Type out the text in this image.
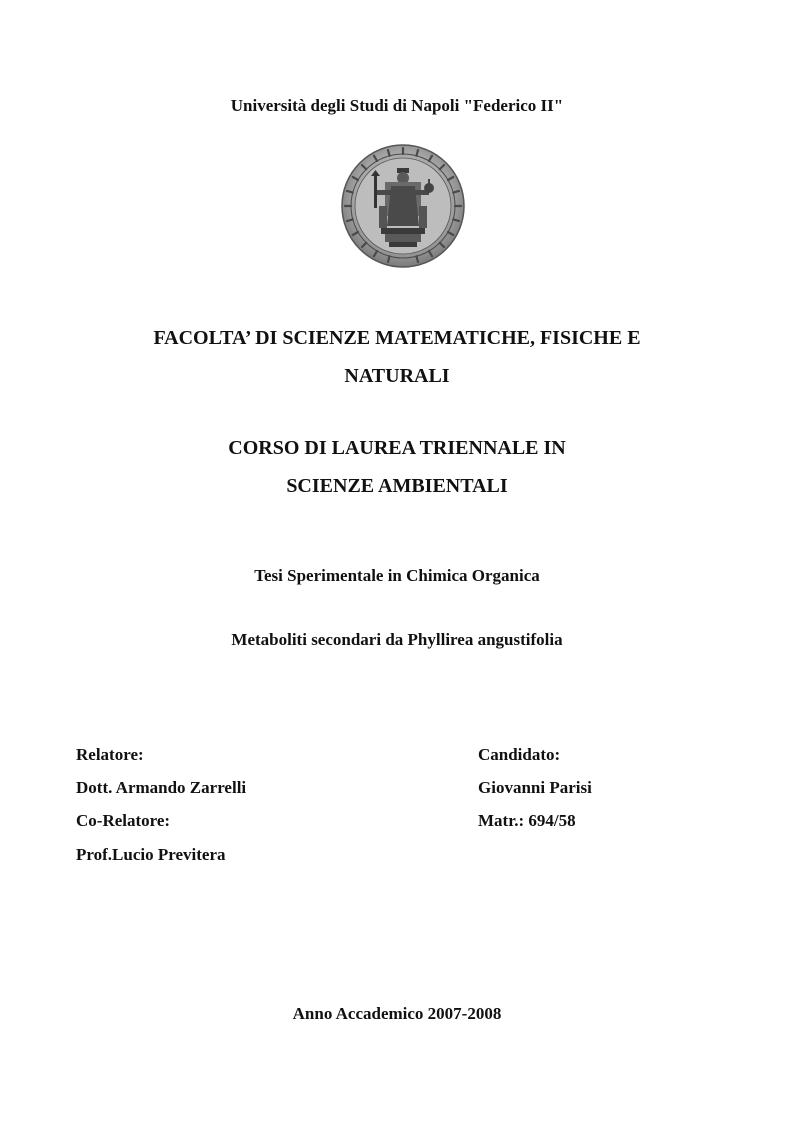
Università degli Studi di Napoli "Federico II"
FACOLTA’ DI SCIENZE MATEMATICHE, FISICHE E
NATURALI
CORSO DI LAUREA TRIENNALE IN
SCIENZE AMBIENTALI
Tesi Sperimentale in Chimica Organica
Metaboliti secondari da Phyllirea angustifolia
Relatore:
Dott. Armando Zarrelli
Co-Relatore:
Prof.Lucio Previtera
Candidato:
Giovanni Parisi
Matr.: 694/58
Anno Accademico 2007-2008
